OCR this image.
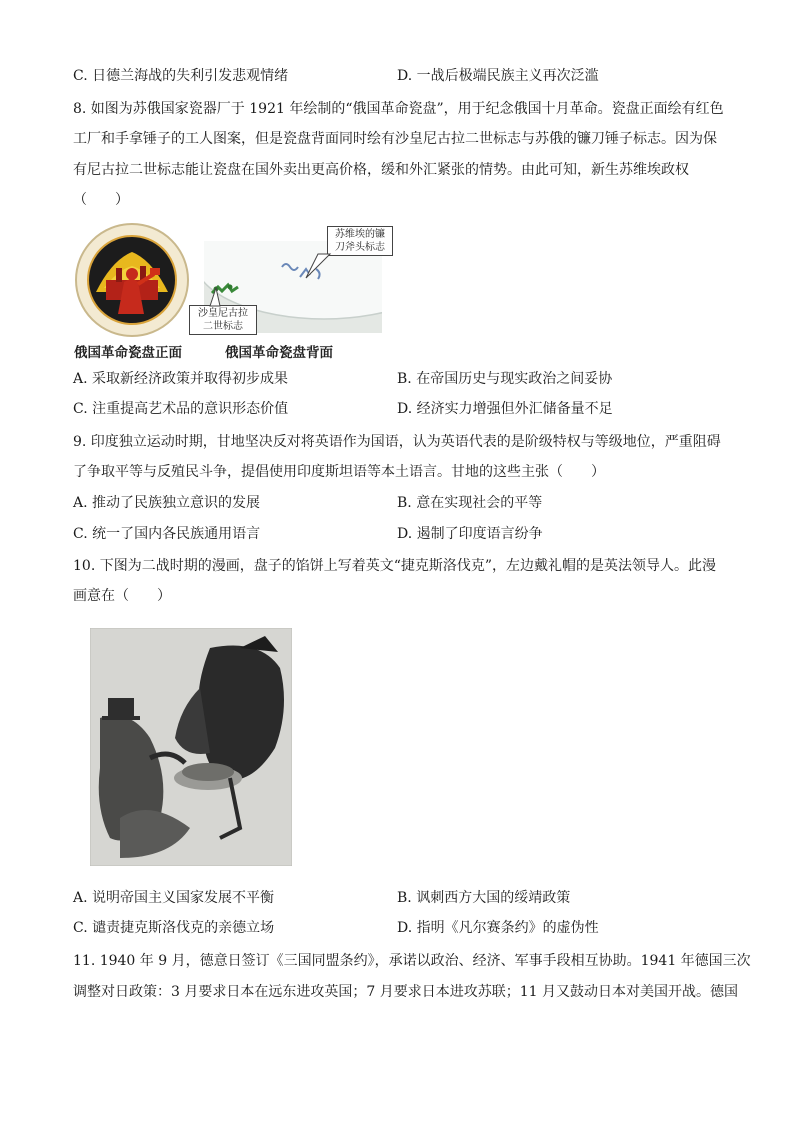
C. 日德兰海战的失利引发悲观情绪	D. 一战后极端民族主义再次泛滥
8. 如图为苏俄国家瓷器厂于 1921 年绘制的“俄国革命瓷盘”，用于纪念俄国十月革命。瓷盘正面绘有红色
工厂和手拿锤子的工人图案，但是瓷盘背面同时绘有沙皇尼古拉二世标志与苏俄的镰刀锤子标志。因为保
有尼古拉二世标志能让瓷盘在国外卖出更高价格，缓和外汇紧张的情势。由此可知，新生苏维埃政权
（　　）
苏维埃的镰
刀斧头标志
沙皇尼古拉
二世标志
俄国革命瓷盘正面	俄国革命瓷盘背面
A. 采取新经济政策并取得初步成果	B. 在帝国历史与现实政治之间妥协
C. 注重提高艺术品的意识形态价值	D. 经济实力增强但外汇储备量不足
9. 印度独立运动时期，甘地坚决反对将英语作为国语，认为英语代表的是阶级特权与等级地位，严重阻碍
了争取平等与反殖民斗争，提倡使用印度斯坦语等本土语言。甘地的这些主张（　　）
A. 推动了民族独立意识的发展	B. 意在实现社会的平等
C. 统一了国内各民族通用语言	D. 遏制了印度语言纷争
10. 下图为二战时期的漫画，盘子的馅饼上写着英文“捷克斯洛伐克”，左边戴礼帽的是英法领导人。此漫
画意在（　　）
A. 说明帝国主义国家发展不平衡	B. 讽刺西方大国的绥靖政策
C. 谴责捷克斯洛伐克的亲德立场	D. 指明《凡尔赛条约》的虚伪性
11. 1940 年 9 月，德意日签订《三国同盟条约》，承诺以政治、经济、军事手段相互协助。1941 年德国三次
调整对日政策：3 月要求日本在远东进攻英国；7 月要求日本进攻苏联；11 月又鼓动日本对美国开战。德国
